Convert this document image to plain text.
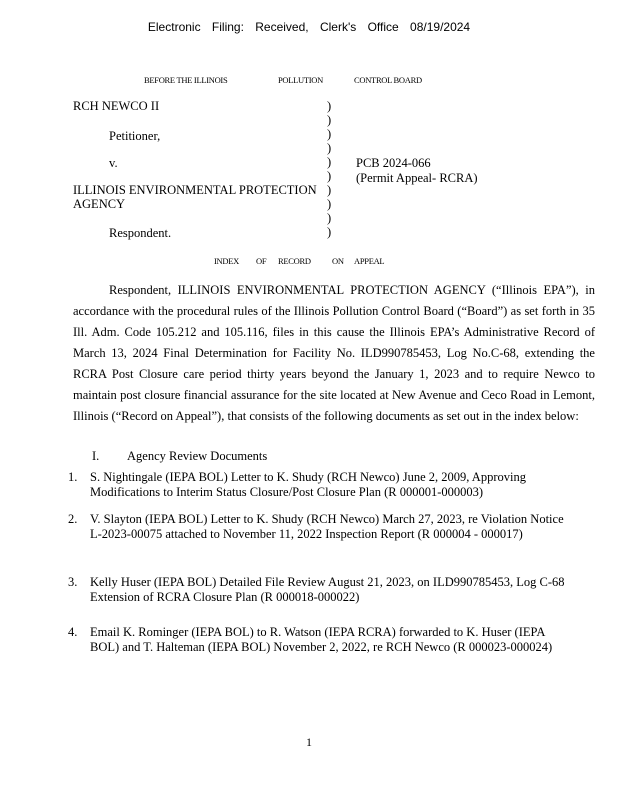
Electronic Filing: Received, Clerk's Office 08/19/2024
BEFORE THE ILLINOIS	POLLUTION	CONTROL BOARD
RCH NEWCO II
Petitioner,
v.
ILLINOIS ENVIRONMENTAL PROTECTION
AGENCY
Respondent.
)
)
)
)
)
)
)
)
)
)
PCB 2024-066
(Permit Appeal- RCRA)
INDEX OF RECORD	ON APPEAL

Respondent, ILLINOIS ENVIRONMENTAL PROTECTION AGENCY (“Illinois EPA”), in accordance with the procedural rules of the Illinois Pollution Control Board (“Board”) as set forth in 35 Ill. Adm. Code 105.212 and 105.116, files in this cause the Illinois EPA’s Administrative Record of March 13, 2024 Final Determination for Facility No. ILD990785453, Log No.C-68, extending the RCRA Post Closure care period thirty years beyond the January 1, 2023 and to require Newco to maintain post closure financial assurance for the site located at New Avenue and Ceco Road in Lemont, Illinois (“Record on Appeal”), that consists of the following documents as set out in the index below:

I. Agency Review Documents
1.	S. Nightingale (IEPA BOL) Letter to K. Shudy (RCH Newco) June 2, 2009, Approving Modifications to Interim Status Closure/Post Closure Plan (R 000001-000003)
2.	V. Slayton (IEPA BOL) Letter to K. Shudy (RCH Newco) March 27, 2023, re Violation Notice L-2023-00075 attached to November 11, 2022 Inspection Report (R 000004 - 000017)
3.	Kelly Huser (IEPA BOL) Detailed File Review August 21, 2023, on ILD990785453, Log C-68 Extension of RCRA Closure Plan (R 000018-000022)
4.	Email K. Rominger (IEPA BOL) to R. Watson (IEPA RCRA) forwarded to K. Huser (IEPA BOL) and T. Halteman (IEPA BOL) November 2, 2022, re RCH Newco (R 000023-000024)
1
